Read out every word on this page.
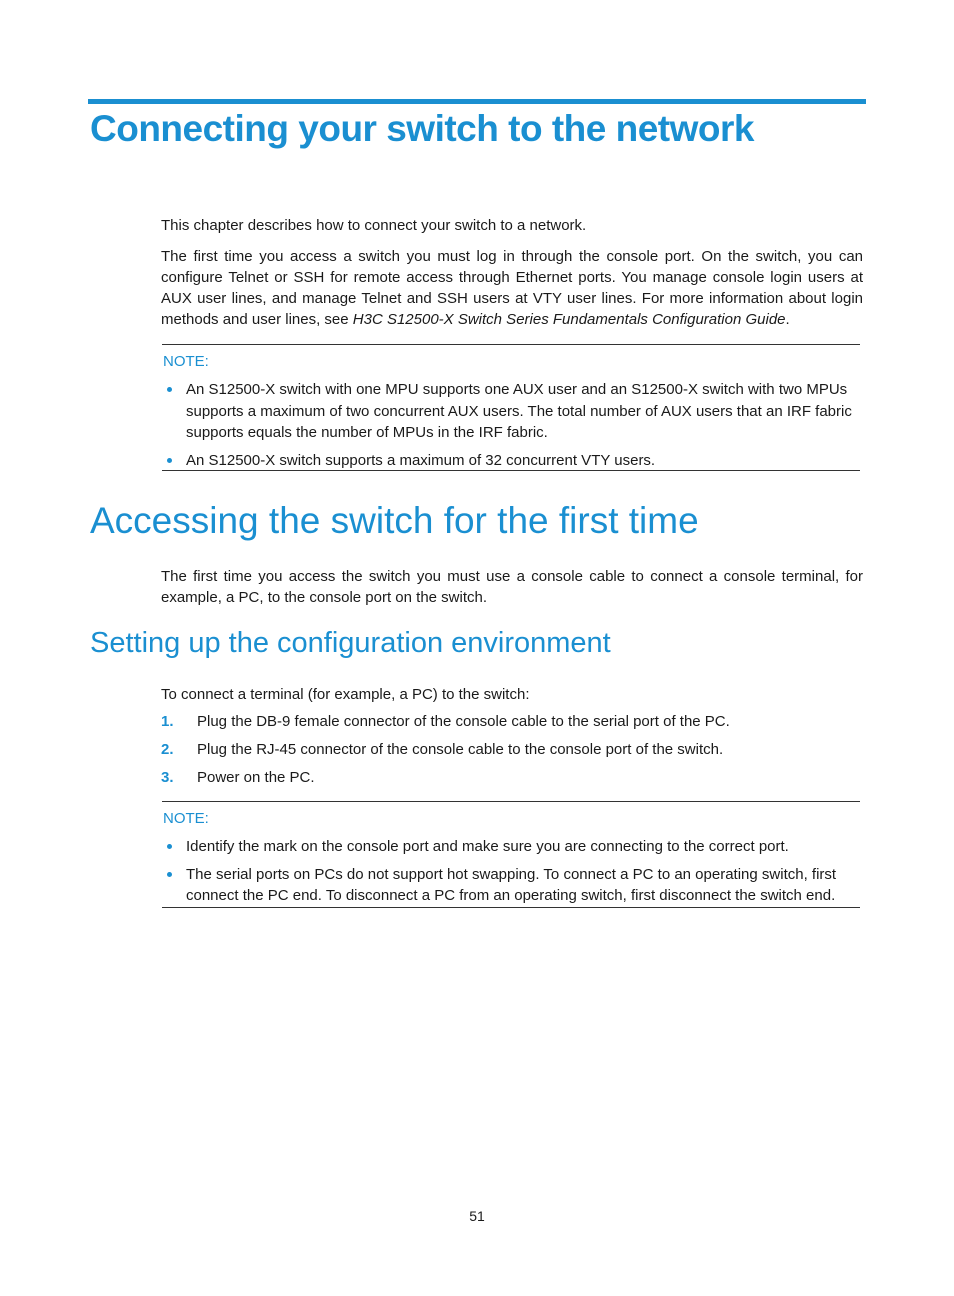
Connecting your switch to the network

This chapter describes how to connect your switch to a network.

The first time you access a switch you must log in through the console port. On the switch, you can configure Telnet or SSH for remote access through Ethernet ports. You manage console login users at AUX user lines, and manage Telnet and SSH users at VTY user lines. For more information about login methods and user lines, see H3C S12500-X Switch Series Fundamentals Configuration Guide.

NOTE:
An S12500-X switch with one MPU supports one AUX user and an S12500-X switch with two MPUs supports a maximum of two concurrent AUX users. The total number of AUX users that an IRF fabric supports equals the number of MPUs in the IRF fabric.
An S12500-X switch supports a maximum of 32 concurrent VTY users.
Accessing the switch for the first time

The first time you access the switch you must use a console cable to connect a console terminal, for example, a PC, to the console port on the switch.

Setting up the configuration environment

To connect a terminal (for example, a PC) to the switch:

1. Plug the DB-9 female connector of the console cable to the serial port of the PC.
2. Plug the RJ-45 connector of the console cable to the console port of the switch.
3. Power on the PC.
NOTE:
Identify the mark on the console port and make sure you are connecting to the correct port.
The serial ports on PCs do not support hot swapping. To connect a PC to an operating switch, first connect the PC end. To disconnect a PC from an operating switch, first disconnect the switch end.
51
